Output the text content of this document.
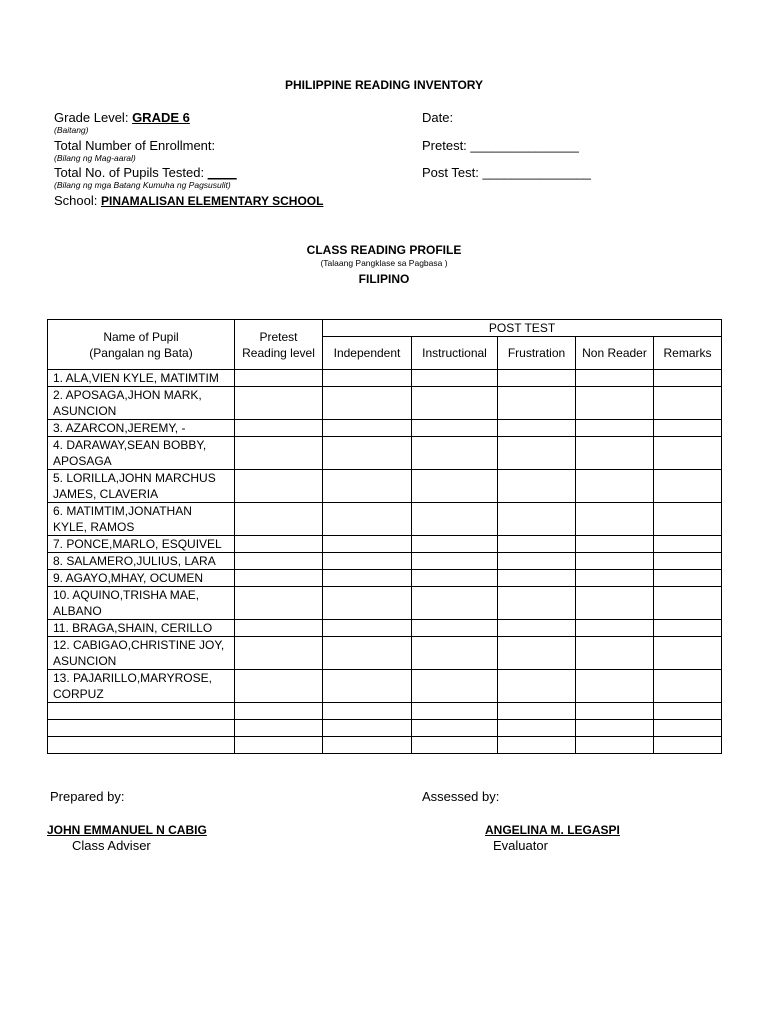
PHILIPPINE READING INVENTORY
Grade Level: GRADE 6
(Baitang)
Total Number of Enrollment:
(Bilang ng Mag-aaral)
Total No. of Pupils Tested: ____
(Bilang ng mga Batang Kumuha ng Pagsusulit)
School: PINAMALISAN ELEMENTARY SCHOOL
Date:
Pretest: _______________
Post Test: _______________
CLASS READING PROFILE
(Talaang Pangklase sa Pagbasa )
FILIPINO
Name of Pupil
(Pangalan ng Bata)	Pretest Reading level	POST TEST				
		Independent	Instructional	Frustration	Non Reader	Remarks
1. ALA,VIEN KYLE, MATIMTIM						
2. APOSAGA,JHON MARK, ASUNCION						
3. AZARCON,JEREMY, -						
4. DARAWAY,SEAN BOBBY, APOSAGA						
5. LORILLA,JOHN MARCHUS JAMES, CLAVERIA						
6. MATIMTIM,JONATHAN KYLE, RAMOS						
7. PONCE,MARLO, ESQUIVEL						
8. SALAMERO,JULIUS, LARA						
9. AGAYO,MHAY, OCUMEN						
10. AQUINO,TRISHA MAE, ALBANO						
11. BRAGA,SHAIN, CERILLO						
12. CABIGAO,CHRISTINE JOY, ASUNCION						
13. PAJARILLO,MARYROSE, CORPUZ						

Prepared by:	Assessed by:
JOHN EMMANUEL N CABIG
Class Adviser
ANGELINA M. LEGASPI
Evaluator
